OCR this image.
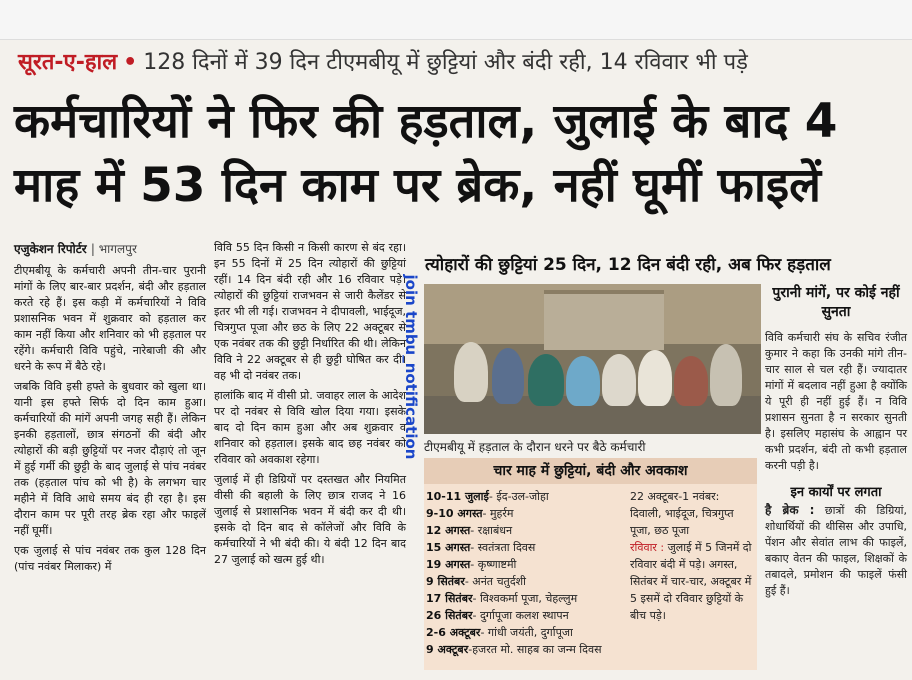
सूरत-ए-हाल • 128 दिनों में 39 दिन टीएमबीयू में छुट्टियां और बंदी रही, 14 रविवार भी पड़े
कर्मचारियों ने फिर की हड़ताल, जुलाई के बाद 4
माह में 53 दिन काम पर ब्रेक, नहीं घूमीं फाइलें
एजुकेशन रिपोर्टर | भागलपुर

टीएमबीयू के कर्मचारी अपनी तीन-चार पुरानी मांगों के लिए बार-बार प्रदर्शन, बंदी और हड़ताल करते रहे हैं। इस कड़ी में कर्मचारियों ने विवि प्रशासनिक भवन में शुक्रवार को हड़ताल कर काम नहीं किया और शनिवार को भी हड़ताल पर रहेंगे। कर्मचारी विवि पहुंचे, नारेबाजी की और धरने के रूप में बैठे रहे।

जबकि विवि इसी हफ्ते के बुधवार को खुला था। यानी इस हफ्ते सिर्फ दो दिन काम हुआ। कर्मचारियों की मांगें अपनी जगह सही हैं। लेकिन इनकी हड़तालों, छात्र संगठनों की बंदी और त्योहारों की बड़ी छुट्टियों पर नजर दौड़ाएं तो जून में हुई गर्मी की छुट्टी के बाद जुलाई से पांच नवंबर तक (हड़ताल पांच को भी है) के लगभग चार महीने में विवि आधे समय बंद ही रहा है। इस दौरान काम पर पूरी तरह ब्रेक रहा और फाइलें नहीं घूमीं।

एक जुलाई से पांच नवंबर तक कुल 128 दिन (पांच नवंबर मिलाकर) में

विवि 55 दिन किसी न किसी कारण से बंद रहा। इन 55 दिनों में 25 दिन त्योहारों की छुट्टियां रहीं। 14 दिन बंदी रही और 16 रविवार पड़े। त्योहारों की छुट्टियां राजभवन से जारी कैलेंडर से इतर भी ली गई। राजभवन ने दीपावली, भाईदूज, चित्रगुप्त पूजा और छठ के लिए 22 अक्टूबर से एक नवंबर तक की छुट्टी निर्धारित की थी। लेकिन विवि ने 22 अक्टूबर से ही छुट्टी घोषित कर दी। वह भी दो नवंबर तक।

हालांकि बाद में वीसी प्रो. जवाहर लाल के आदेश पर दो नवंबर से विवि खोल दिया गया। इसके बाद दो दिन काम हुआ और अब शुक्रवार व शनिवार को हड़ताल। इसके बाद छह नवंबर को रविवार को अवकाश रहेगा।

जुलाई में ही डिग्रियों पर दस्तखत और नियमित वीसी की बहाली के लिए छात्र राजद ने 16 जुलाई से प्रशासनिक भवन में बंदी कर दी थी। इसके दो दिन बाद से कॉलेजों और विवि के कर्मचारियों ने भी बंदी की। ये बंदी 12 दिन बाद 27 जुलाई को खत्म हुई थी।

join tmbu_notification
त्योहारों की छुट्टियां 25 दिन, 12 दिन बंदी रही, अब फिर हड़ताल
टीएमबीयू में हड़ताल के दौरान धरने पर बैठे कर्मचारी
चार माह में छुट्टियां, बंदी और अवकाश
10-11 जुलाई- ईद-उल-जोहा
9-10 अगस्त- मुहर्रम
12 अगस्त- रक्षाबंधन
15 अगस्त- स्वतंत्रता दिवस
19 अगस्त- कृष्णाष्टमी
9 सितंबर- अनंत चतुर्दशी
17 सितंबर- विश्वकर्मा पूजा, चेहल्लुम
26 सितंबर- दुर्गापूजा कलश स्थापन
2-6 अक्टूबर- गांधी जयंती, दुर्गापूजा
9 अक्टूबर-हजरत मो. साहब का जन्म दिवस

22 अक्टूबर-1 नवंबर: दिवाली, भाईदूज, चित्रगुप्त पूजा, छठ पूजा

रविवार : जुलाई में 5 जिनमें दो रविवार बंदी में पड़े। अगस्त, सितंबर में चार-चार, अक्टूबर में 5 इसमें दो रविवार छुट्टियों के बीच पड़े।

पुरानी मांगें, पर कोई नहीं सुनता

विवि कर्मचारी संघ के सचिव रंजीत कुमार ने कहा कि उनकी मांगे तीन-चार साल से चल रही हैं। ज्यादातर मांगों में बदलाव नहीं हुआ है क्योंकि ये पूरी ही नहीं हुई हैं। न विवि प्रशासन सुनता है न सरकार सुनती है। इसलिए महासंघ के आह्वान पर कभी प्रदर्शन, बंदी तो कभी हड़ताल करनी पड़ी है।

इन कार्यों पर लगता

है ब्रेक : छात्रों की डिग्रियां, शोधार्थियों की थीसिस और उपाधि, पेंशन और सेवांत लाभ की फाइलें, बकाए वेतन की फाइल, शिक्षकों के तबादले, प्रमोशन की फाइलें फंसी हुई हैं।
